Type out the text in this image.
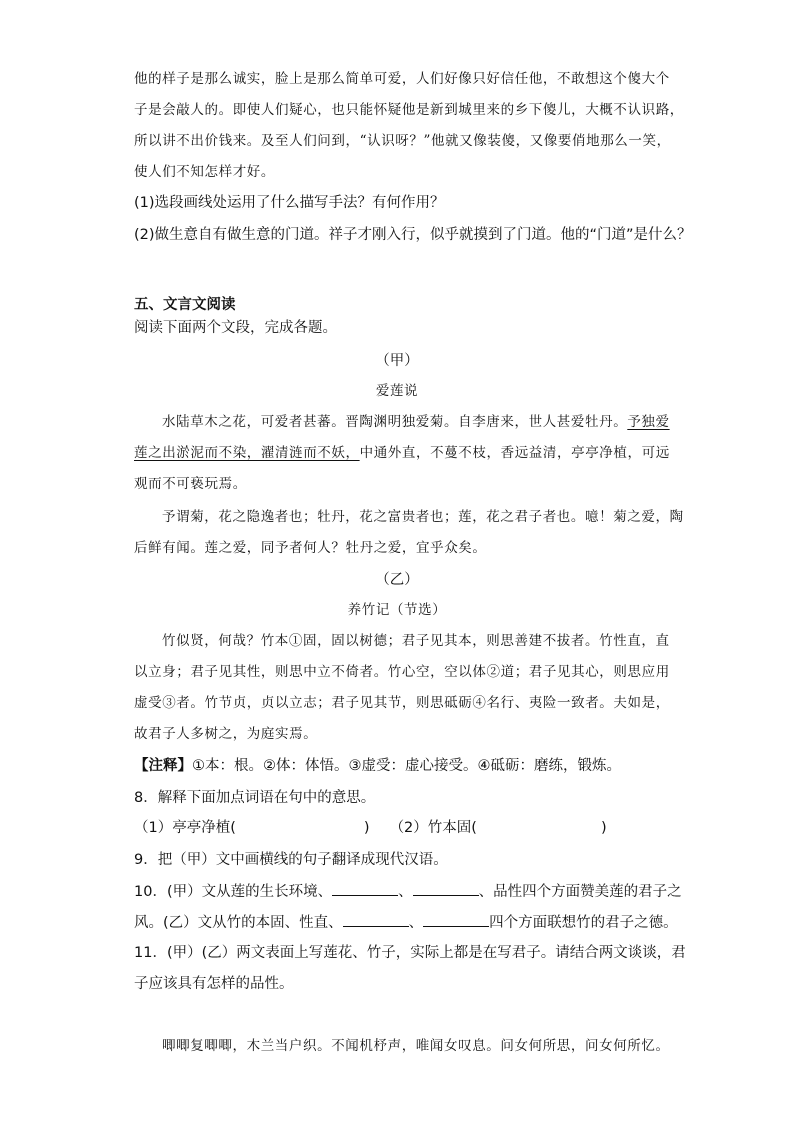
他的样子是那么诚实，脸上是那么简单可爱，人们好像只好信任他，不敢想这个傻大个
子是会敲人的。即使人们疑心，也只能怀疑他是新到城里来的乡下傻儿，大概不认识路，
所以讲不出价钱来。及至人们问到，“认识呀？”他就又像装傻，又像要俏地那么一笑，
使人们不知怎样才好。
(1)选段画线处运用了什么描写手法？有何作用？
(2)做生意自有做生意的门道。祥子才刚入行，似乎就摸到了门道。他的“门道”是什么？
五、文言文阅读
阅读下面两个文段，完成各题。
（甲）
爱莲说
水陆草木之花，可爱者甚蕃。晋陶渊明独爱菊。自李唐来，世人甚爱牡丹。予独爱
莲之出淤泥而不染，濯清涟而不妖，中通外直，不蔓不枝，香远益清，亭亭净植，可远
观而不可亵玩焉。
予谓菊，花之隐逸者也；牡丹，花之富贵者也；莲，花之君子者也。噫！菊之爱，陶
后鲜有闻。莲之爱，同予者何人？牡丹之爱，宜乎众矣。
（乙）
养竹记（节选）
竹似贤，何哉？竹本①固，固以树德；君子见其本，则思善建不拔者。竹性直，直
以立身；君子见其性，则思中立不倚者。竹心空，空以体②道；君子见其心，则思应用
虚受③者。竹节贞，贞以立志；君子见其节，则思砥砺④名行、夷险一致者。夫如是，
故君子人多树之，为庭实焉。
【注释】①本：根。②体：体悟。③虚受：虚心接受。④砥砺：磨练，锻炼。
8．解释下面加点词语在句中的意思。
（1）亭亭净植(	) （2）竹本固(	)
9．把（甲）文中画横线的句子翻译成现代汉语。
10．(甲）文从莲的生长环境、	、	、品性四个方面赞美莲的君子之
风。(乙）文从竹的本固、性直、	、	四个方面联想竹的君子之德。
11．(甲）(乙）两文表面上写莲花、竹子，实际上都是在写君子。请结合两文谈谈，君
子应该具有怎样的品性。
唧唧复唧唧，木兰当户织。不闻机杼声，唯闻女叹息。问女何所思，问女何所忆。
